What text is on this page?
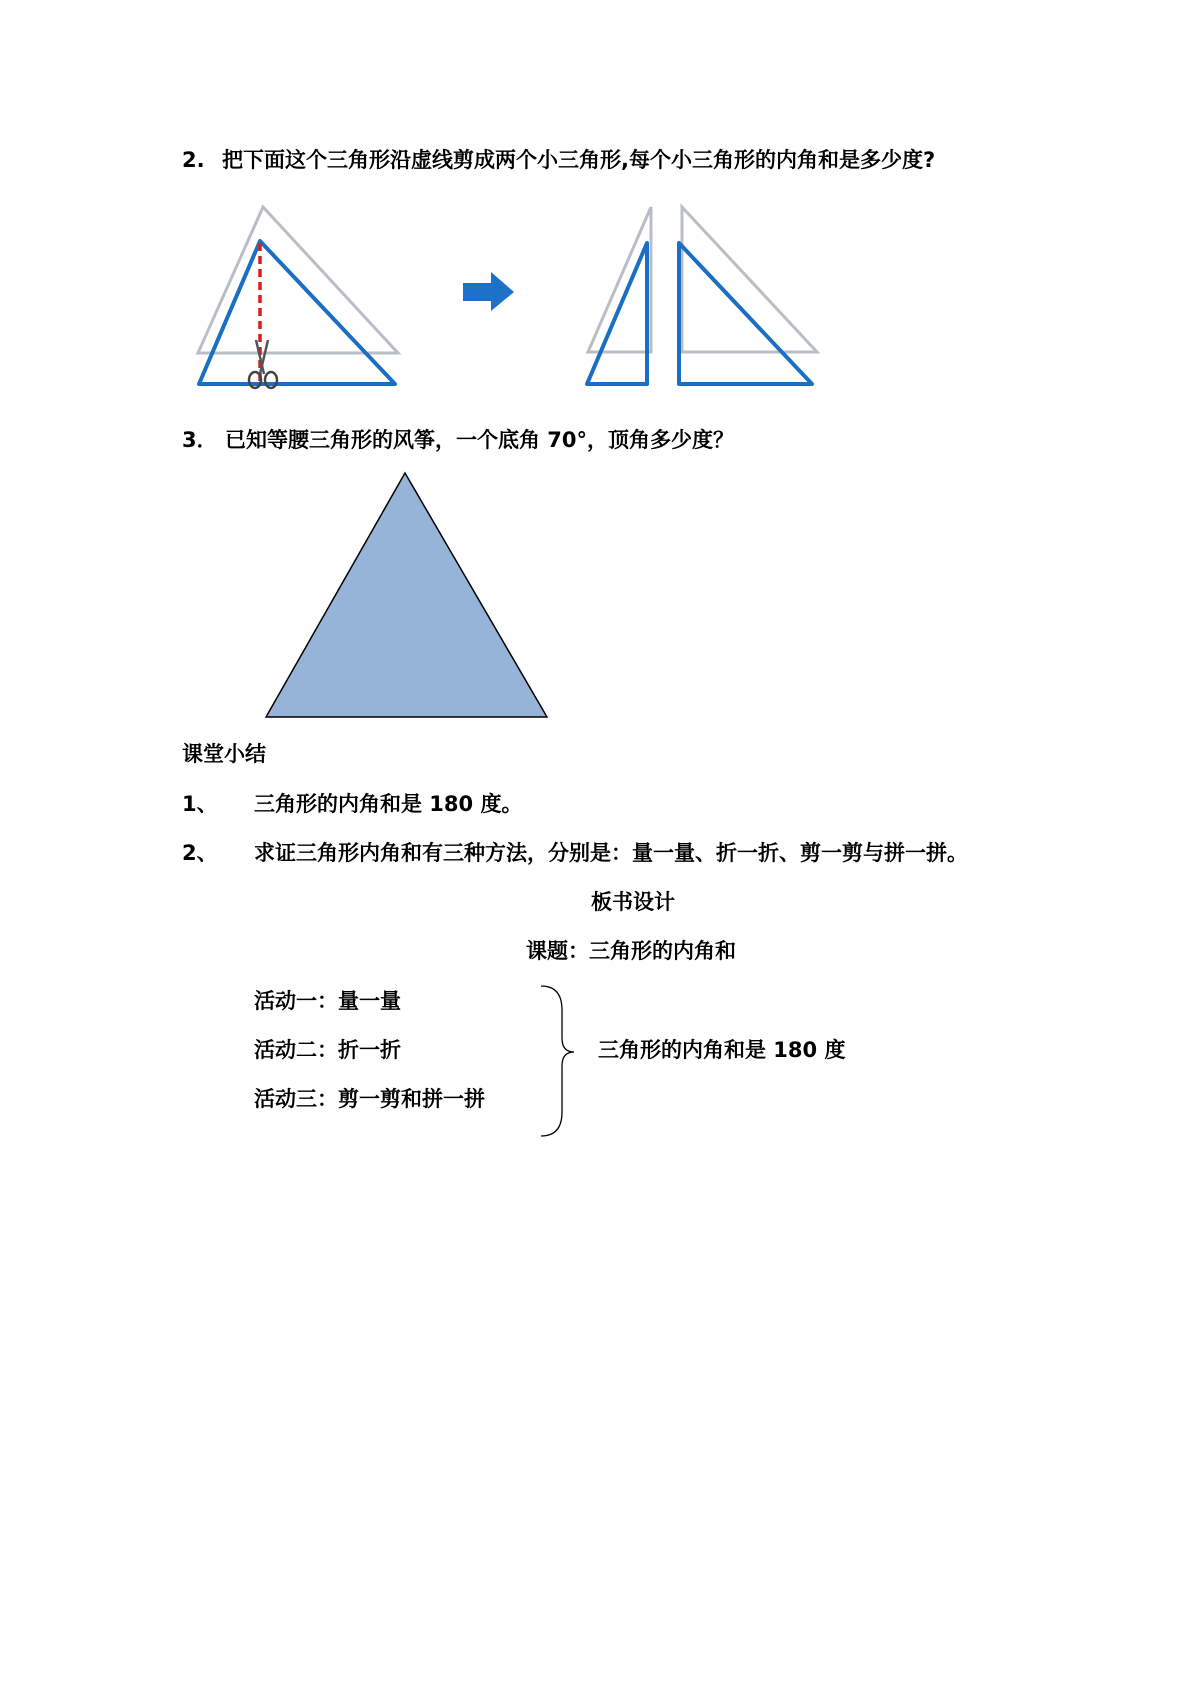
2. 把下面这个三角形沿虚线剪成两个小三角形,每个小三角形的内角和是多少度?
3． 已知等腰三角形的风筝，一个底角 70°，顶角多少度？
课堂小结
1、 三角形的内角和是 180 度。
2、 求证三角形内角和有三种方法，分别是：量一量、折一折、剪一剪与拼一拼。
板书设计
课题：三角形的内角和
活动一：量一量
活动二：折一折
活动三：剪一剪和拼一拼
三角形的内角和是 180 度
